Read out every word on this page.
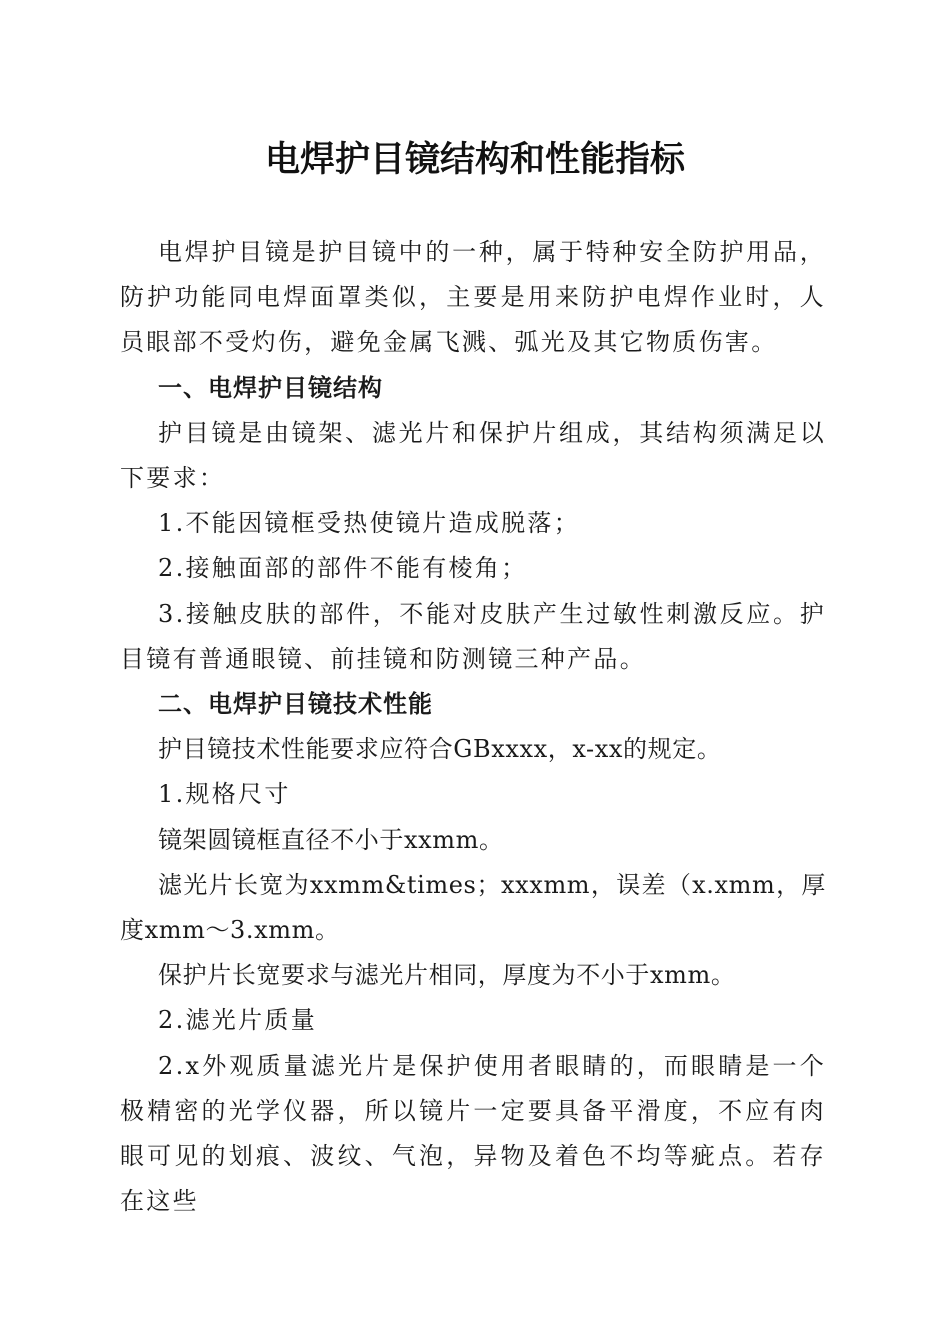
电焊护目镜结构和性能指标

电焊护目镜是护目镜中的一种，属于特种安全防护用品，防护功能同电焊面罩类似，主要是用来防护电焊作业时，人员眼部不受灼伤，避免金属飞溅、弧光及其它物质伤害。

一、电焊护目镜结构

护目镜是由镜架、滤光片和保护片组成，其结构须满足以下要求：

1.不能因镜框受热使镜片造成脱落；

2.接触面部的部件不能有棱角；

3.接触皮肤的部件，不能对皮肤产生过敏性刺激反应。护目镜有普通眼镜、前挂镜和防测镜三种产品。

二、电焊护目镜技术性能

护目镜技术性能要求应符合GBxxxx，x-xx的规定。

1.规格尺寸

镜架圆镜框直径不小于xxmm。

滤光片长宽为xxmm&times；xxxmm，误差（x.xmm，厚度xmm～3.xmm。

保护片长宽要求与滤光片相同，厚度为不小于xmm。

2.滤光片质量

2.x外观质量滤光片是保护使用者眼睛的，而眼睛是一个极精密的光学仪器，所以镜片一定要具备平滑度，不应有肉眼可见的划痕、波纹、气泡，异物及着色不均等疵点。若存在这些
